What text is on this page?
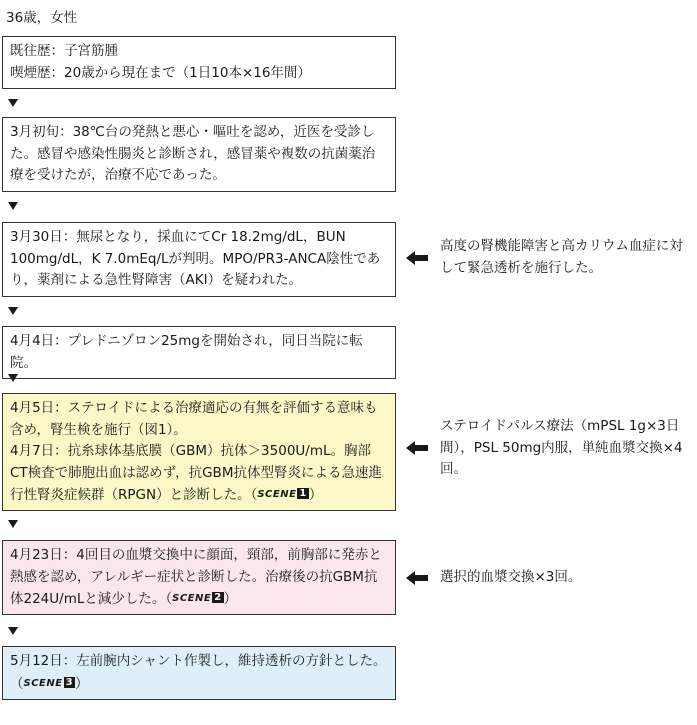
36歳，女性

既往歴：子宮筋腫

喫煙歴：20歳から現在まで（1日10本×16年間）

3月初旬：38℃台の発熱と悪心・嘔吐を認め，近医を受診した。感冒や感染性腸炎と診断され，感冒薬や複数の抗菌薬治療を受けたが，治療不応であった。

3月30日：無尿となり，採血にてCr 18.2mg/dL，BUN 100mg/dL，K 7.0mEq/Lが判明。MPO/PR3-ANCA陰性であり，薬剤による急性腎障害（AKI）を疑われた。

高度の腎機能障害と高カリウム血症に対して緊急透析を施行した。

4月4日：プレドニゾロン25mgを開始され，同日当院に転院。

4月5日：ステロイドによる治療適応の有無を評価する意味も含め，腎生検を施行（図1）。

4月7日：抗糸球体基底膜（GBM）抗体＞3500U/mL。胸部CT検査で肺胞出血は認めず，抗GBM抗体型腎炎による急速進行性腎炎症候群（RPGN）と診断した。（SCENE 1 ）

ステロイドパルス療法（mPSL 1g×3日間），PSL 50mg内服，単純血漿交換×4回。

4月23日：4回目の血漿交換中に顔面，頸部，前胸部に発赤と熱感を認め，アレルギー症状と診断した。治療後の抗GBM抗体224U/mLと減少した。（SCENE 2 ）

選択的血漿交換×3回。

5月12日：左前腕内シャント作製し，維持透析の方針とした。（SCENE 3 ）
